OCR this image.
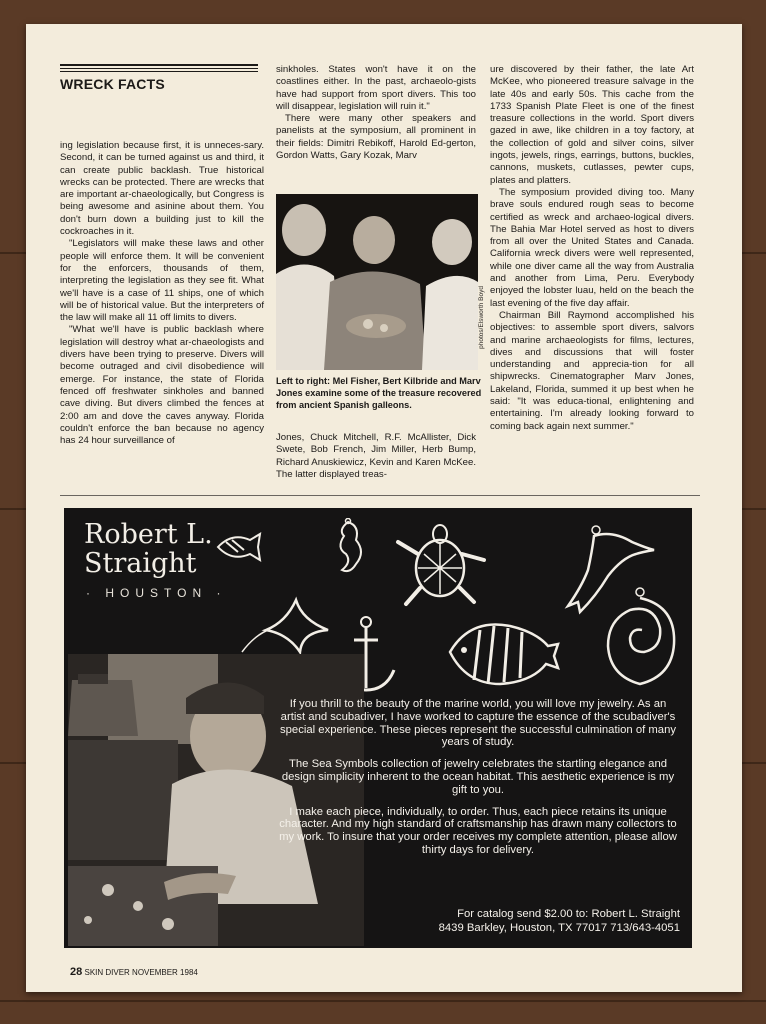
WRECK FACTS

ing legislation because first, it is unneces-sary. Second, it can be turned against us and third, it can create public backlash. True historical wrecks can be protected. There are wrecks that are important ar-chaeologically, but Congress is being awesome and asinine about them. You don't burn down a building just to kill the cockroaches in it.

"Legislators will make these laws and other people will enforce them. It will be convenient for the enforcers, thousands of them, interpreting the legislation as they see fit. What we'll have is a case of 11 ships, one of which will be of historical value. But the interpreters of the law will make all 11 off limits to divers.

"What we'll have is public backlash where legislation will destroy what ar-chaeologists and divers have been trying to preserve. Divers will become outraged and civil disobedience will emerge. For instance, the state of Florida fenced off freshwater sinkholes and banned cave diving. But divers climbed the fences at 2:00 am and dove the caves anyway. Florida couldn't enforce the ban because no agency has 24 hour surveillance of

sinkholes. States won't have it on the coastlines either. In the past, archaeolo-gists have had support from sport divers. This too will disappear, legislation will ruin it."

There were many other speakers and panelists at the symposium, all prominent in their fields: Dimitri Rebikoff, Harold Ed-gerton, Gordon Watts, Gary Kozak, Marv

photos/Elsworth Boyd
Left to right: Mel Fisher, Bert Kilbride and Marv Jones examine some of the treasure recovered from ancient Spanish galleons.

Jones, Chuck Mitchell, R.F. McAllister, Dick Swete, Bob French, Jim Miller, Herb Bump, Richard Anuskiewicz, Kevin and Karen McKee. The latter displayed treas-

ure discovered by their father, the late Art McKee, who pioneered treasure salvage in the late 40s and early 50s. This cache from the 1733 Spanish Plate Fleet is one of the finest treasure collections in the world. Sport divers gazed in awe, like children in a toy factory, at the collection of gold and silver coins, silver ingots, jewels, rings, earrings, buttons, buckles, cannons, muskets, cutlasses, pewter cups, plates and platters.

The symposium provided diving too. Many brave souls endured rough seas to become certified as wreck and archaeo-logical divers. The Bahia Mar Hotel served as host to divers from all over the United States and Canada. California wreck divers were well represented, while one diver came all the way from Australia and another from Lima, Peru. Everybody enjoyed the lobster luau, held on the beach the last evening of the five day affair.

Chairman Bill Raymond accomplished his objectives: to assemble sport divers, salvors and marine archaeologists for films, lectures, dives and discussions that will foster understanding and apprecia-tion for all shipwrecks. Cinematographer Marv Jones, Lakeland, Florida, summed it up best when he said: "It was educa-tional, enlightening and entertaining. I'm already looking forward to coming back again next summer."

Robert L.
Straight
· HOUSTON ·

If you thrill to the beauty of the marine world, you will love my jewelry. As an artist and scubadiver, I have worked to capture the essence of the scubadiver's special experience. These pieces represent the successful culmination of many years of study.

The Sea Symbols collection of jewelry celebrates the startling elegance and design simplicity inherent to the ocean habitat. This aesthetic experience is my gift to you.

I make each piece, individually, to order. Thus, each piece retains its unique character. And my high standard of craftsmanship has drawn many collectors to my work. To insure that your order receives my complete attention, please allow thirty days for delivery.

For catalog send $2.00 to: Robert L. Straight
8439 Barkley, Houston, TX 77017 713/643-4051
28 SKIN DIVER NOVEMBER 1984
